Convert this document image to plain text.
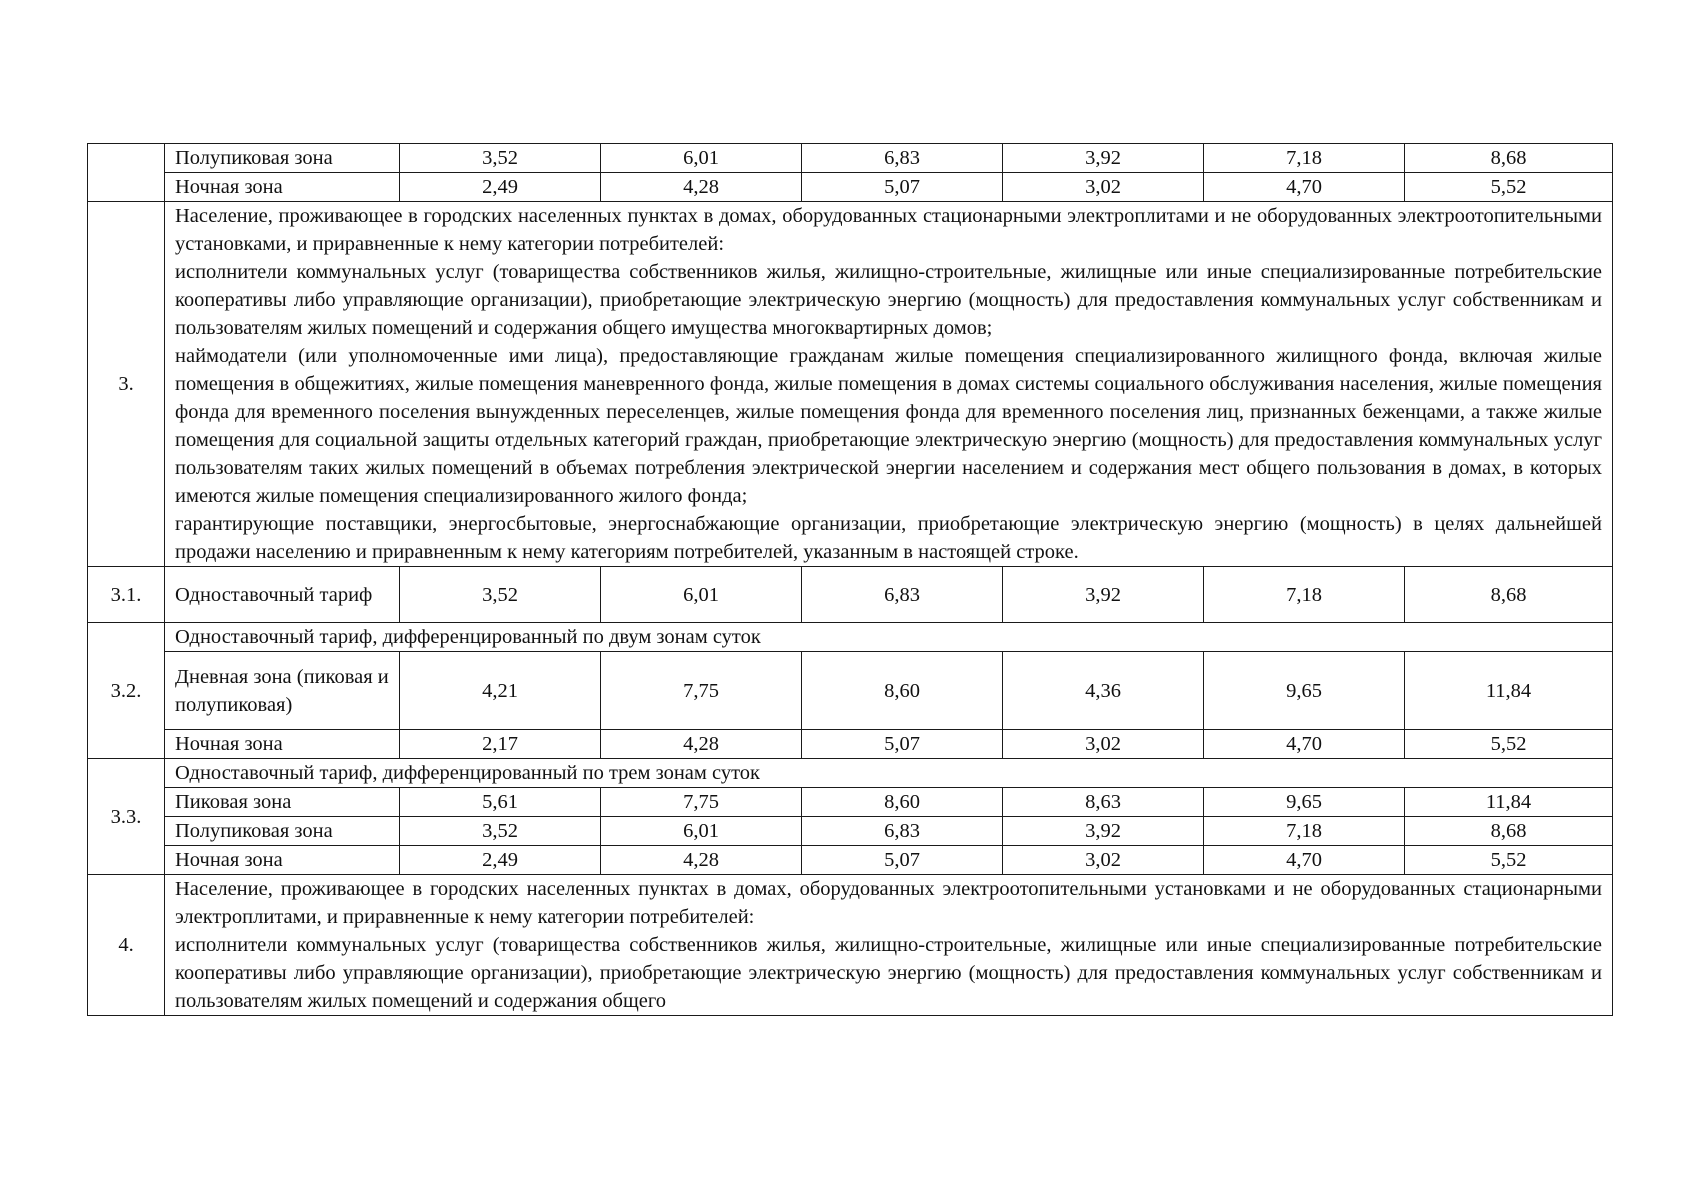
	Полупиковая зона	3,52	6,01	6,83	3,92	7,18	8,68
	Ночная зона	2,49	4,28	5,07	3,02	4,70	5,52
3.	Население, проживающее в городских населенных пунктах в домах, оборудованных стационарными электроплитами и не оборудованных электроотопительными установками, и приравненные к нему категории потребителей:

исполнители коммунальных услуг (товарищества собственников жилья, жилищно-строительные, жилищные или иные специализированные потребительские кооперативы либо управляющие организации), приобретающие электрическую энергию (мощность) для предоставления коммунальных услуг собственникам и пользователям жилых помещений и содержания общего имущества многоквартирных домов;

наймодатели (или уполномоченные ими лица), предоставляющие гражданам жилые помещения специализированного жилищного фонда, включая жилые помещения в общежитиях, жилые помещения маневренного фонда, жилые помещения в домах системы социального обслуживания населения, жилые помещения фонда для временного поселения вынужденных переселенцев, жилые помещения фонда для временного поселения лиц, признанных беженцами, а также жилые помещения для социальной защиты отдельных категорий граждан, приобретающие электрическую энергию (мощность) для предоставления коммунальных услуг пользователям таких жилых помещений в объемах потребления электрической энергии населением и содержания мест общего пользования в домах, в которых имеются жилые помещения специализированного жилого фонда;

гарантирующие поставщики, энергосбытовые, энергоснабжающие организации, приобретающие электрическую энергию (мощность) в целях дальнейшей продажи населению и приравненным к нему категориям потребителей, указанным в настоящей строке.						

3.1.	Одноставочный тариф	3,52	6,01	6,83	3,92	7,18	8,68
3.2.	Одноставочный тариф, дифференцированный по двум зонам суток						
	Дневная зона (пиковая и полупиковая)	4,21	7,75	8,60	4,36	9,65	11,84
	Ночная зона	2,17	4,28	5,07	3,02	4,70	5,52
3.3.	Одноставочный тариф, дифференцированный по трем зонам суток						
	Пиковая зона	5,61	7,75	8,60	8,63	9,65	11,84
	Полупиковая зона	3,52	6,01	6,83	3,92	7,18	8,68
	Ночная зона	2,49	4,28	5,07	3,02	4,70	5,52
4.	Население, проживающее в городских населенных пунктах в домах, оборудованных электроотопительными установками и не оборудованных стационарными электроплитами, и приравненные к нему категории потребителей:

исполнители коммунальных услуг (товарищества собственников жилья, жилищно-строительные, жилищные или иные специализированные потребительские кооперативы либо управляющие организации), приобретающие электрическую энергию (мощность) для предоставления коммунальных услуг собственникам и пользователям жилых помещений и содержания общего						
